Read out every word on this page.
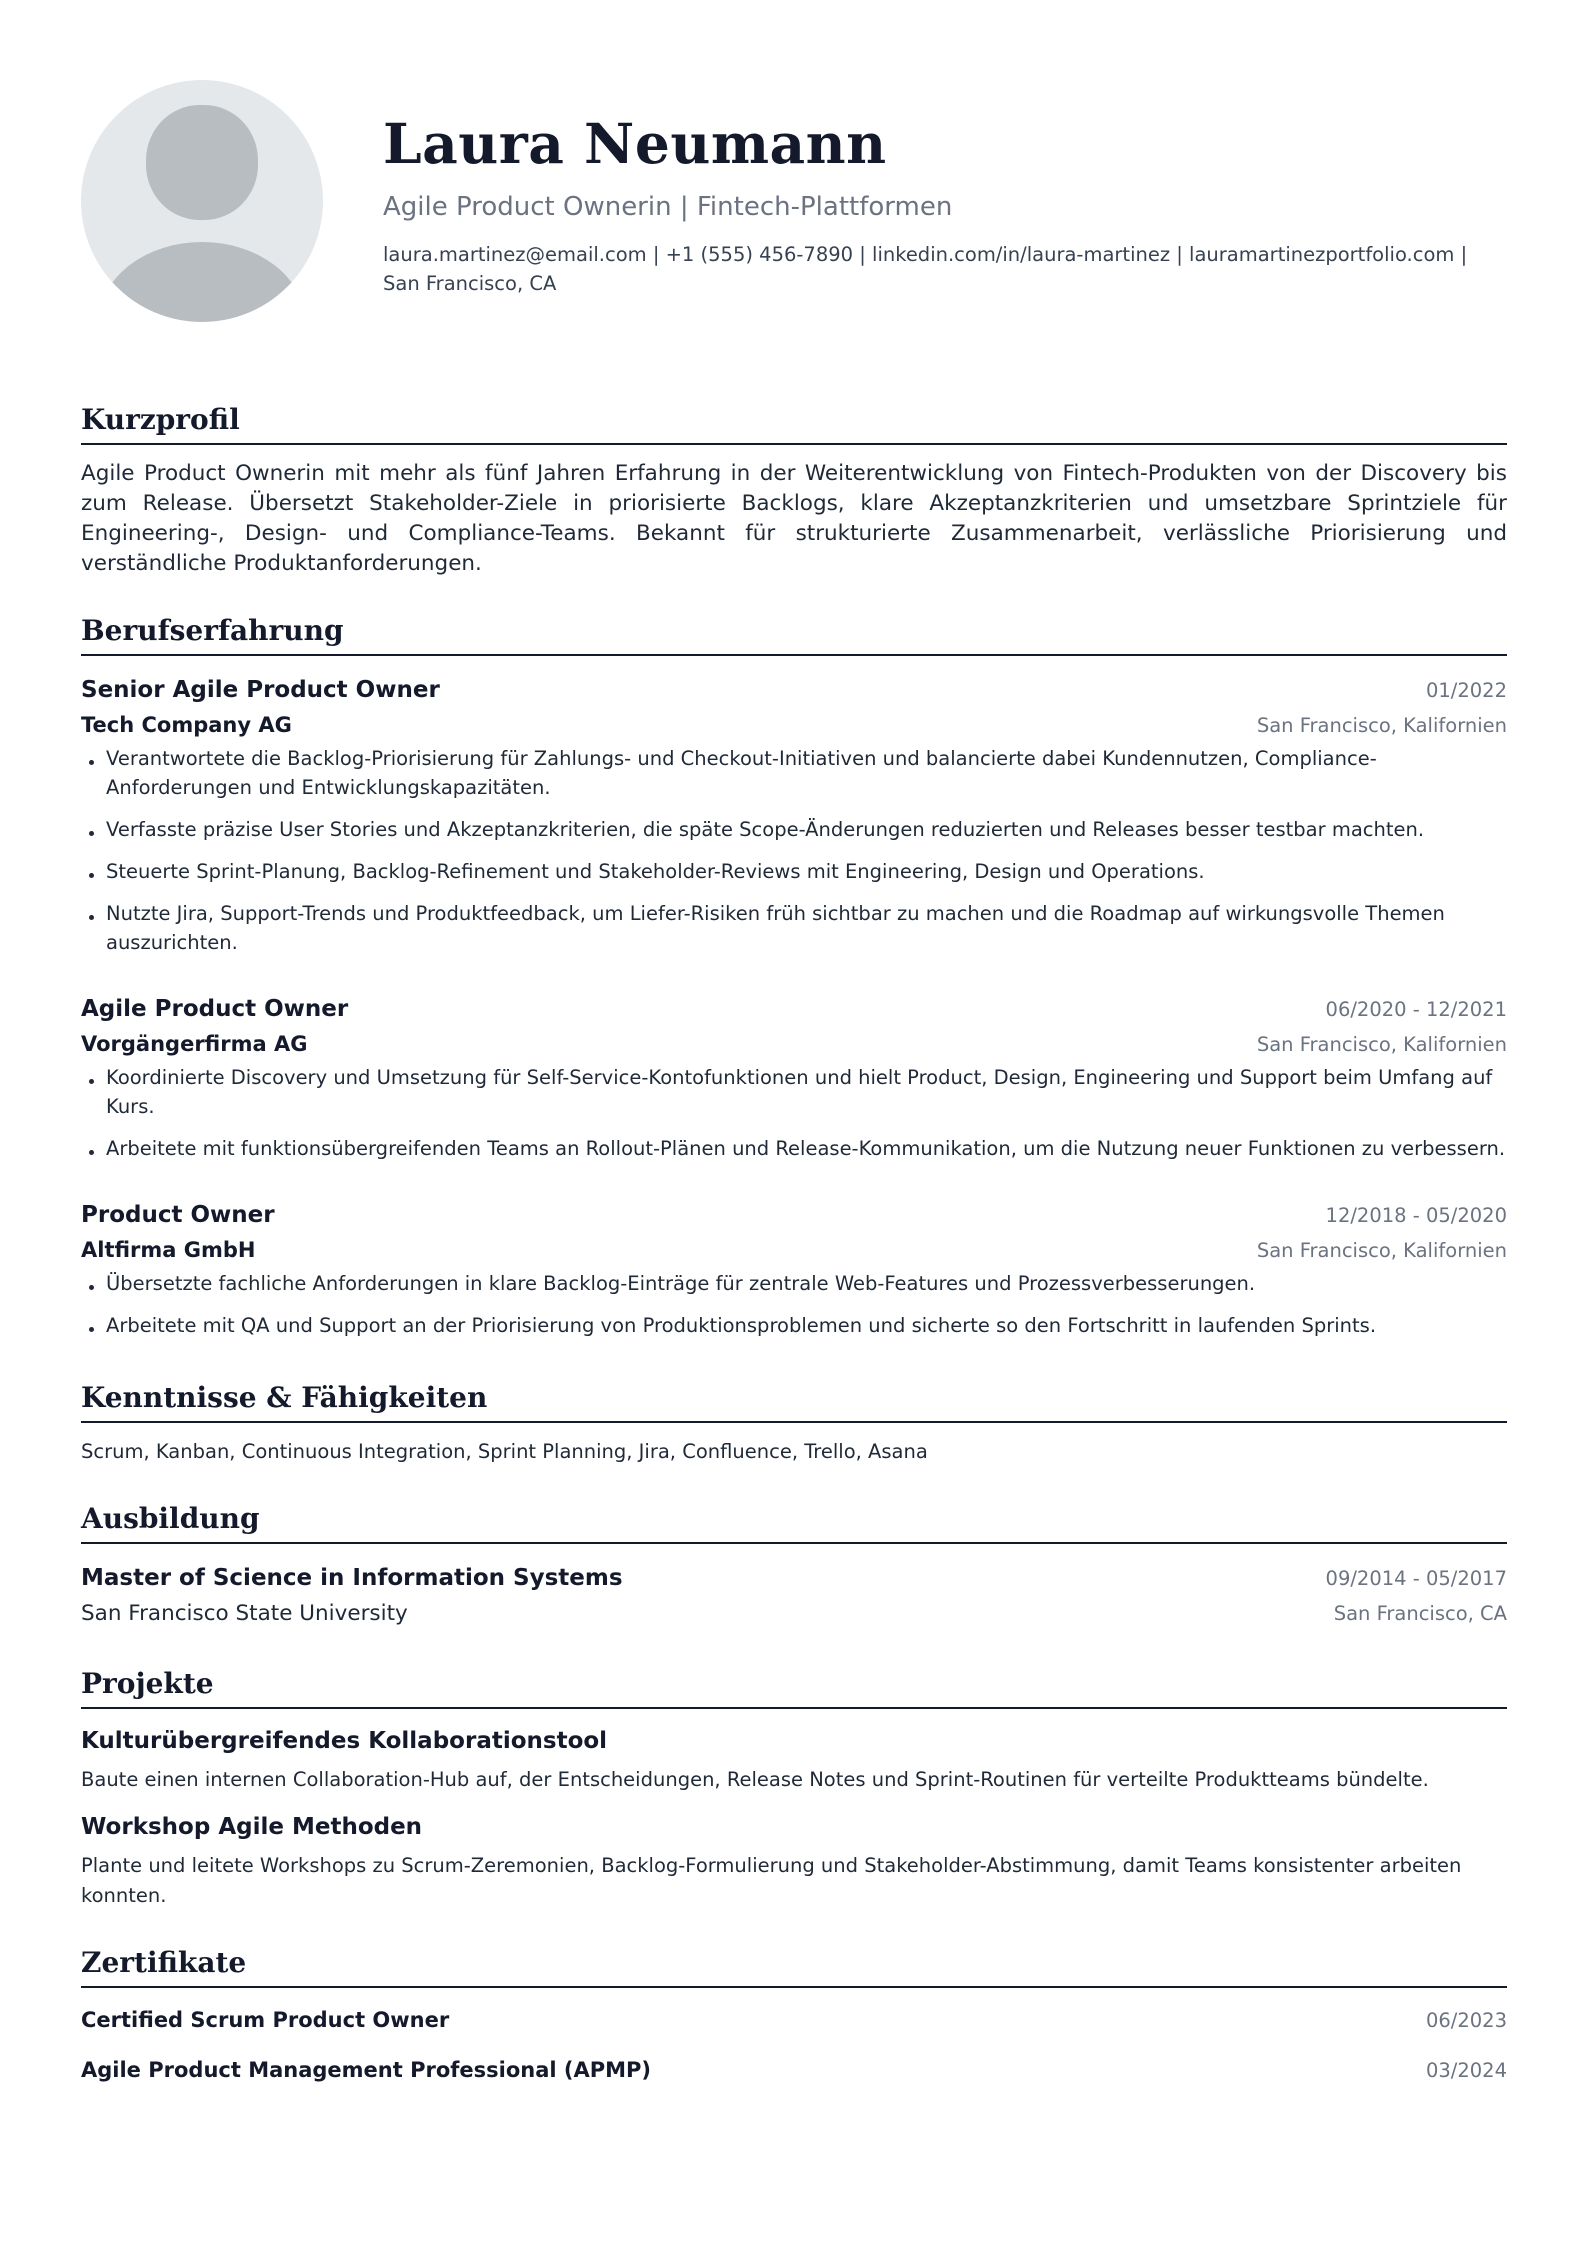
Laura Neumann
Agile Product Ownerin | Fintech-Plattformen
laura.martinez@email.com | +1 (555) 456-7890 | linkedin.com/in/laura-martinez | lauramartinezportfolio.com | San Francisco, CA
Kurzprofil
Agile Product Ownerin mit mehr als fünf Jahren Erfahrung in der Weiterentwicklung von Fintech-Produkten von der Discovery bis zum Release. Übersetzt Stakeholder-Ziele in priorisierte Backlogs, klare Akzeptanzkriterien und umsetzbare Sprintziele für Engineering-, Design- und Compliance-Teams. Bekannt für strukturierte Zusammenarbeit, verlässliche Priorisierung und verständliche Produktanforderungen.
Berufserfahrung
Senior Agile Product Owner	01/2022
Tech Company AG	San Francisco, Kalifornien
Verantwortete die Backlog-Priorisierung für Zahlungs- und Checkout-Initiativen und balancierte dabei Kundennutzen, Compliance-Anforderungen und Entwicklungskapazitäten.
Verfasste präzise User Stories und Akzeptanzkriterien, die späte Scope-Änderungen reduzierten und Releases besser testbar machten.
Steuerte Sprint-Planung, Backlog-Refinement und Stakeholder-Reviews mit Engineering, Design und Operations.
Nutzte Jira, Support-Trends und Produktfeedback, um Liefer-Risiken früh sichtbar zu machen und die Roadmap auf wirkungsvolle Themen auszurichten.
Agile Product Owner	06/2020 - 12/2021
Vorgängerfirma AG	San Francisco, Kalifornien
Koordinierte Discovery und Umsetzung für Self-Service-Kontofunktionen und hielt Product, Design, Engineering und Support beim Umfang auf Kurs.
Arbeitete mit funktionsübergreifenden Teams an Rollout-Plänen und Release-Kommunikation, um die Nutzung neuer Funktionen zu verbessern.
Product Owner	12/2018 - 05/2020
Altfirma GmbH	San Francisco, Kalifornien
Übersetzte fachliche Anforderungen in klare Backlog-Einträge für zentrale Web-Features und Prozessverbesserungen.
Arbeitete mit QA und Support an der Priorisierung von Produktionsproblemen und sicherte so den Fortschritt in laufenden Sprints.
Kenntnisse & Fähigkeiten
Scrum, Kanban, Continuous Integration, Sprint Planning, Jira, Confluence, Trello, Asana
Ausbildung
Master of Science in Information Systems	09/2014 - 05/2017
San Francisco State University	San Francisco, CA
Projekte
Kulturübergreifendes Kollaborationstool
Baute einen internen Collaboration-Hub auf, der Entscheidungen, Release Notes und Sprint-Routinen für verteilte Produktteams bündelte.
Workshop Agile Methoden
Plante und leitete Workshops zu Scrum-Zeremonien, Backlog-Formulierung und Stakeholder-Abstimmung, damit Teams konsistenter arbeiten konnten.
Zertifikate
Certified Scrum Product Owner	06/2023
Agile Product Management Professional (APMP)	03/2024
